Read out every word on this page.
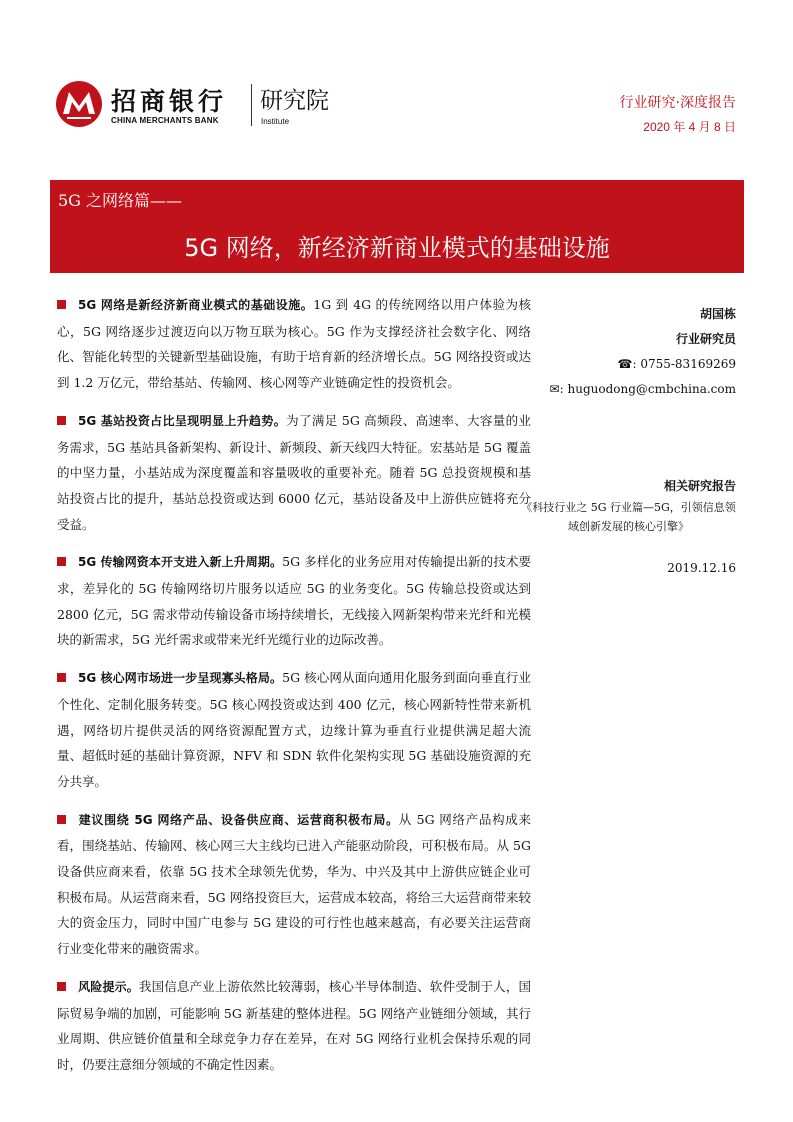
招商银行
CHINA MERCHANTS BANK
研究院
Institute
行业研究·深度报告
2020 年 4 月 8 日
5G 之网络篇——
5G 网络，新经济新商业模式的基础设施

5G 网络是新经济新商业模式的基础设施。1G 到 4G 的传统网络以用户体验为核心，5G 网络逐步过渡迈向以万物互联为核心。5G 作为支撑经济社会数字化、网络化、智能化转型的关键新型基础设施，有助于培育新的经济增长点。5G 网络投资或达到 1.2 万亿元，带给基站、传输网、核心网等产业链确定性的投资机会。

5G 基站投资占比呈现明显上升趋势。为了满足 5G 高频段、高速率、大容量的业务需求，5G 基站具备新架构、新设计、新频段、新天线四大特征。宏基站是 5G 覆盖的中坚力量，小基站成为深度覆盖和容量吸收的重要补充。随着 5G 总投资规模和基站投资占比的提升，基站总投资或达到 6000 亿元，基站设备及中上游供应链将充分受益。

5G 传输网资本开支进入新上升周期。5G 多样化的业务应用对传输提出新的技术要求，差异化的 5G 传输网络切片服务以适应 5G 的业务变化。5G 传输总投资或达到 2800 亿元，5G 需求带动传输设备市场持续增长，无线接入网新架构带来光纤和光模块的新需求，5G 光纤需求或带来光纤光缆行业的边际改善。

5G 核心网市场进一步呈现寡头格局。5G 核心网从面向通用化服务到面向垂直行业个性化、定制化服务转变。5G 核心网投资或达到 400 亿元，核心网新特性带来新机遇，网络切片提供灵活的网络资源配置方式，边缘计算为垂直行业提供满足超大流量、超低时延的基础计算资源，NFV 和 SDN 软件化架构实现 5G 基础设施资源的充分共享。

建议围绕 5G 网络产品、设备供应商、运营商积极布局。从 5G 网络产品构成来看，围绕基站、传输网、核心网三大主线均已进入产能驱动阶段，可积极布局。从 5G 设备供应商来看，依靠 5G 技术全球领先优势，华为、中兴及其中上游供应链企业可积极布局。从运营商来看，5G 网络投资巨大，运营成本较高，将给三大运营商带来较大的资金压力，同时中国广电参与 5G 建设的可行性也越来越高，有必要关注运营商行业变化带来的融资需求。

风险提示。我国信息产业上游依然比较薄弱，核心半导体制造、软件受制于人，国际贸易争端的加剧，可能影响 5G 新基建的整体进程。5G 网络产业链细分领域，其行业周期、供应链价值量和全球竞争力存在差异，在对 5G 网络行业机会保持乐观的同时，仍要注意细分领域的不确定性因素。

胡国栋
行业研究员
☎: 0755-83169269
✉: huguodong@cmbchina.com
相关研究报告
《科技行业之 5G 行业篇—5G，引领信息领域创新发展的核心引擎》
2019.12.16
